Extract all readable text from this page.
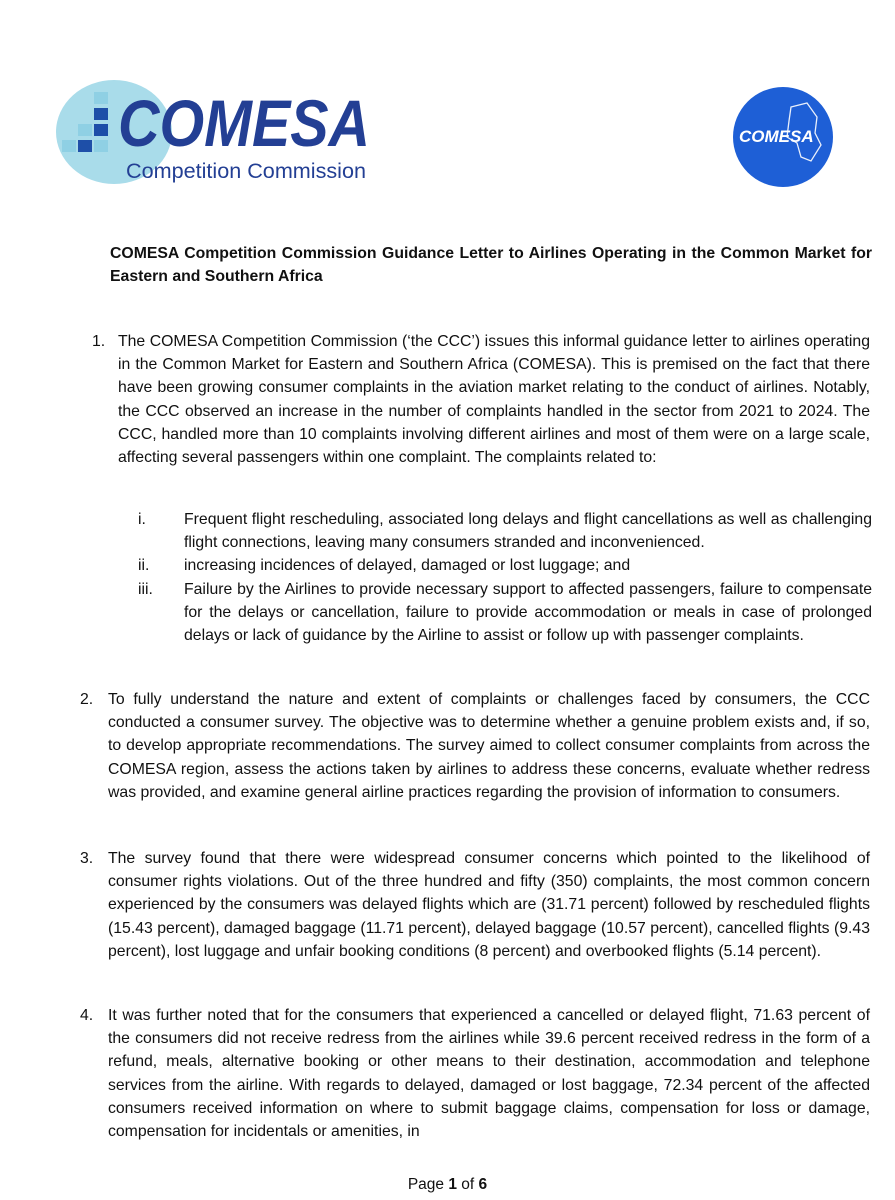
COMESA
Competition Commission
COMESA
COMESA Competition Commission Guidance Letter to Airlines Operating in the Common Market for Eastern and Southern Africa
1. The COMESA Competition Commission (‘the CCC’) issues this informal guidance letter to airlines operating in the Common Market for Eastern and Southern Africa (COMESA). This is premised on the fact that there have been growing consumer complaints in the aviation market relating to the conduct of airlines. Notably, the CCC observed an increase in the number of complaints handled in the sector from 2021 to 2024. The CCC, handled more than 10 complaints involving different airlines and most of them were on a large scale, affecting several passengers within one complaint. The complaints related to:
i. Frequent flight rescheduling, associated long delays and flight cancellations as well as challenging flight connections, leaving many consumers stranded and inconvenienced.
ii. increasing incidences of delayed, damaged or lost luggage; and
iii. Failure by the Airlines to provide necessary support to affected passengers, failure to compensate for the delays or cancellation, failure to provide accommodation or meals in case of prolonged delays or lack of guidance by the Airline to assist or follow up with passenger complaints.
2. To fully understand the nature and extent of complaints or challenges faced by consumers, the CCC conducted a consumer survey. The objective was to determine whether a genuine problem exists and, if so, to develop appropriate recommendations. The survey aimed to collect consumer complaints from across the COMESA region, assess the actions taken by airlines to address these concerns, evaluate whether redress was provided, and examine general airline practices regarding the provision of information to consumers.
3. The survey found that there were widespread consumer concerns which pointed to the likelihood of consumer rights violations. Out of the three hundred and fifty (350) complaints, the most common concern experienced by the consumers was delayed flights which are (31.71 percent) followed by rescheduled flights (15.43 percent), damaged baggage (11.71 percent), delayed baggage (10.57 percent), cancelled flights (9.43 percent), lost luggage and unfair booking conditions (8 percent) and overbooked flights (5.14 percent).
4. It was further noted that for the consumers that experienced a cancelled or delayed flight, 71.63 percent of the consumers did not receive redress from the airlines while 39.6 percent received redress in the form of a refund, meals, alternative booking or other means to their destination, accommodation and telephone services from the airline. With regards to delayed, damaged or lost baggage, 72.34 percent of the affected consumers received information on where to submit baggage claims, compensation for loss or damage, compensation for incidentals or amenities, in
Page 1 of 6
